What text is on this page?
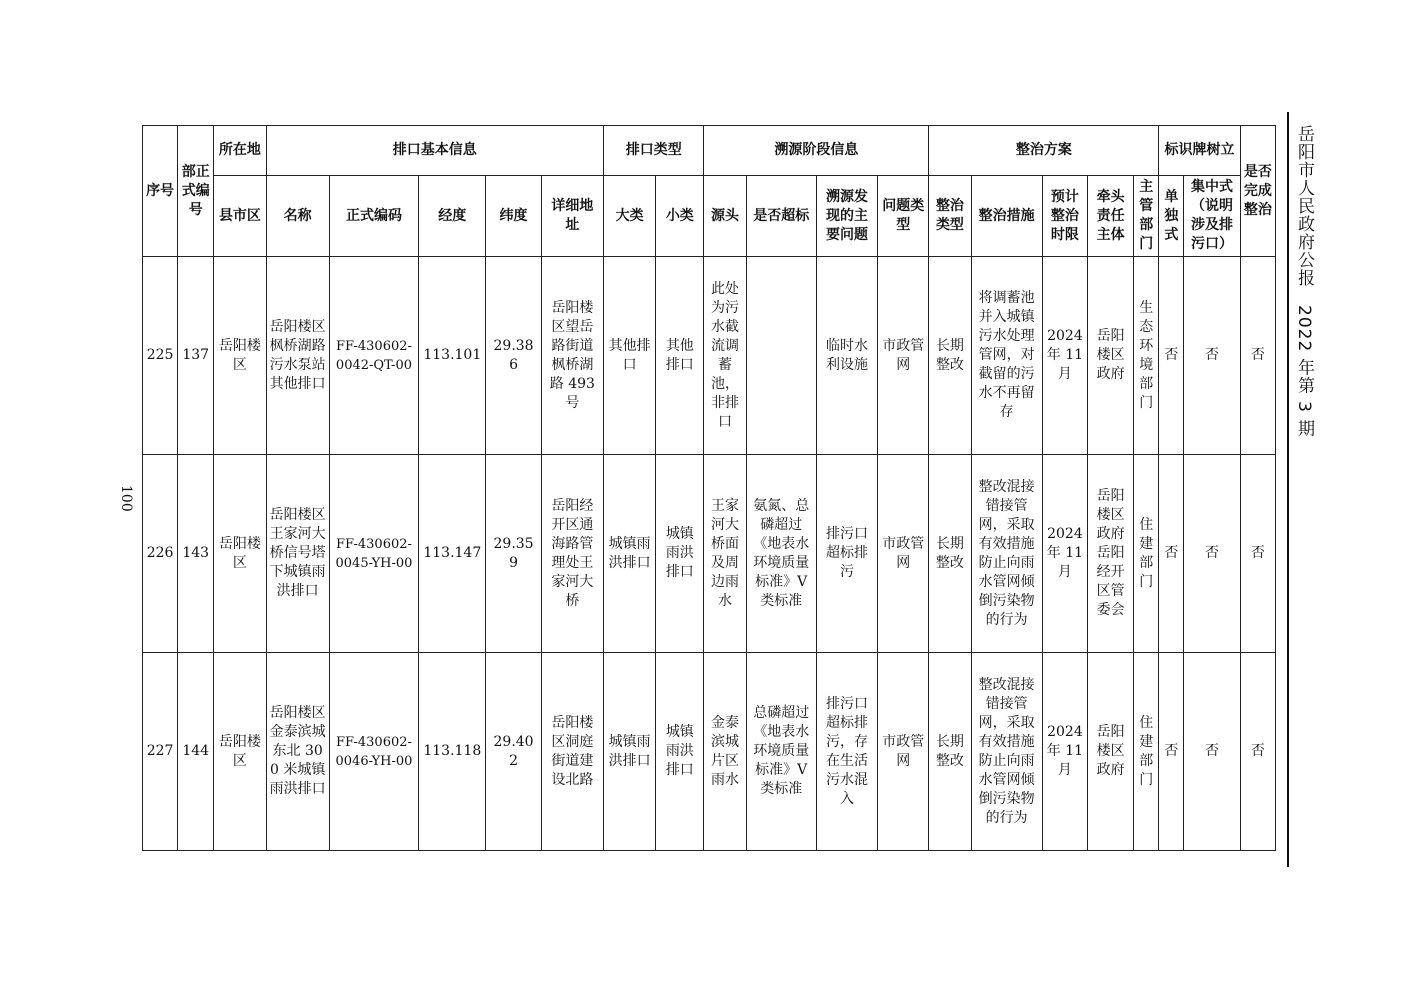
岳阳市人民政府公报　2022 年第 3 期
100
序号	部正式编号	所在地	排口基本信息					排口类型		溯源阶段信息				整治方案					标识牌树立		是否完成整治
		县市区	名称	正式编码	经度	纬度	详细地址	大类	小类	源头	是否超标	溯源发现的主要问题	问题类型	整治类型	整治措施	预计整治时限	牵头责任主体	主管部门	单独式	集中式（说明涉及排污口）	
225	137	岳阳楼区	岳阳楼区枫桥湖路污水泵站其他排口	FF-430602-0042-QT-00	113.101	29.386	岳阳楼区望岳路街道枫桥湖路 493 号	其他排口	其他排口	此处为污水截流调蓄池，非排口		临时水利设施	市政管网	长期整改	将调蓄池并入城镇污水处理管网，对截留的污水不再留存	2024 年 11 月	岳阳楼区政府	生态环境部门	否	否	否
226	143	岳阳楼区	岳阳楼区王家河大桥信号塔下城镇雨洪排口	FF-430602-0045-YH-00	113.147	29.359	岳阳经开区通海路管理处王家河大桥	城镇雨洪排口	城镇雨洪排口	王家河大桥面及周边雨水	氨氮、总磷超过《地表水环境质量标准》V 类标准	排污口超标排污	市政管网	长期整改	整改混接错接管网，采取有效措施防止向雨水管网倾倒污染物的行为	2024 年 11 月	岳阳楼区政府岳阳经开区管委会	住建部门	否	否	否
227	144	岳阳楼区	岳阳楼区金泰滨城东北 300 米城镇雨洪排口	FF-430602-0046-YH-00	113.118	29.402	岳阳楼区洞庭街道建设北路	城镇雨洪排口	城镇雨洪排口	金泰滨城片区雨水	总磷超过《地表水环境质量标准》V 类标准	排污口超标排污，存在生活污水混入	市政管网	长期整改	整改混接错接管网，采取有效措施防止向雨水管网倾倒污染物的行为	2024 年 11 月	岳阳楼区政府	住建部门	否	否	否
